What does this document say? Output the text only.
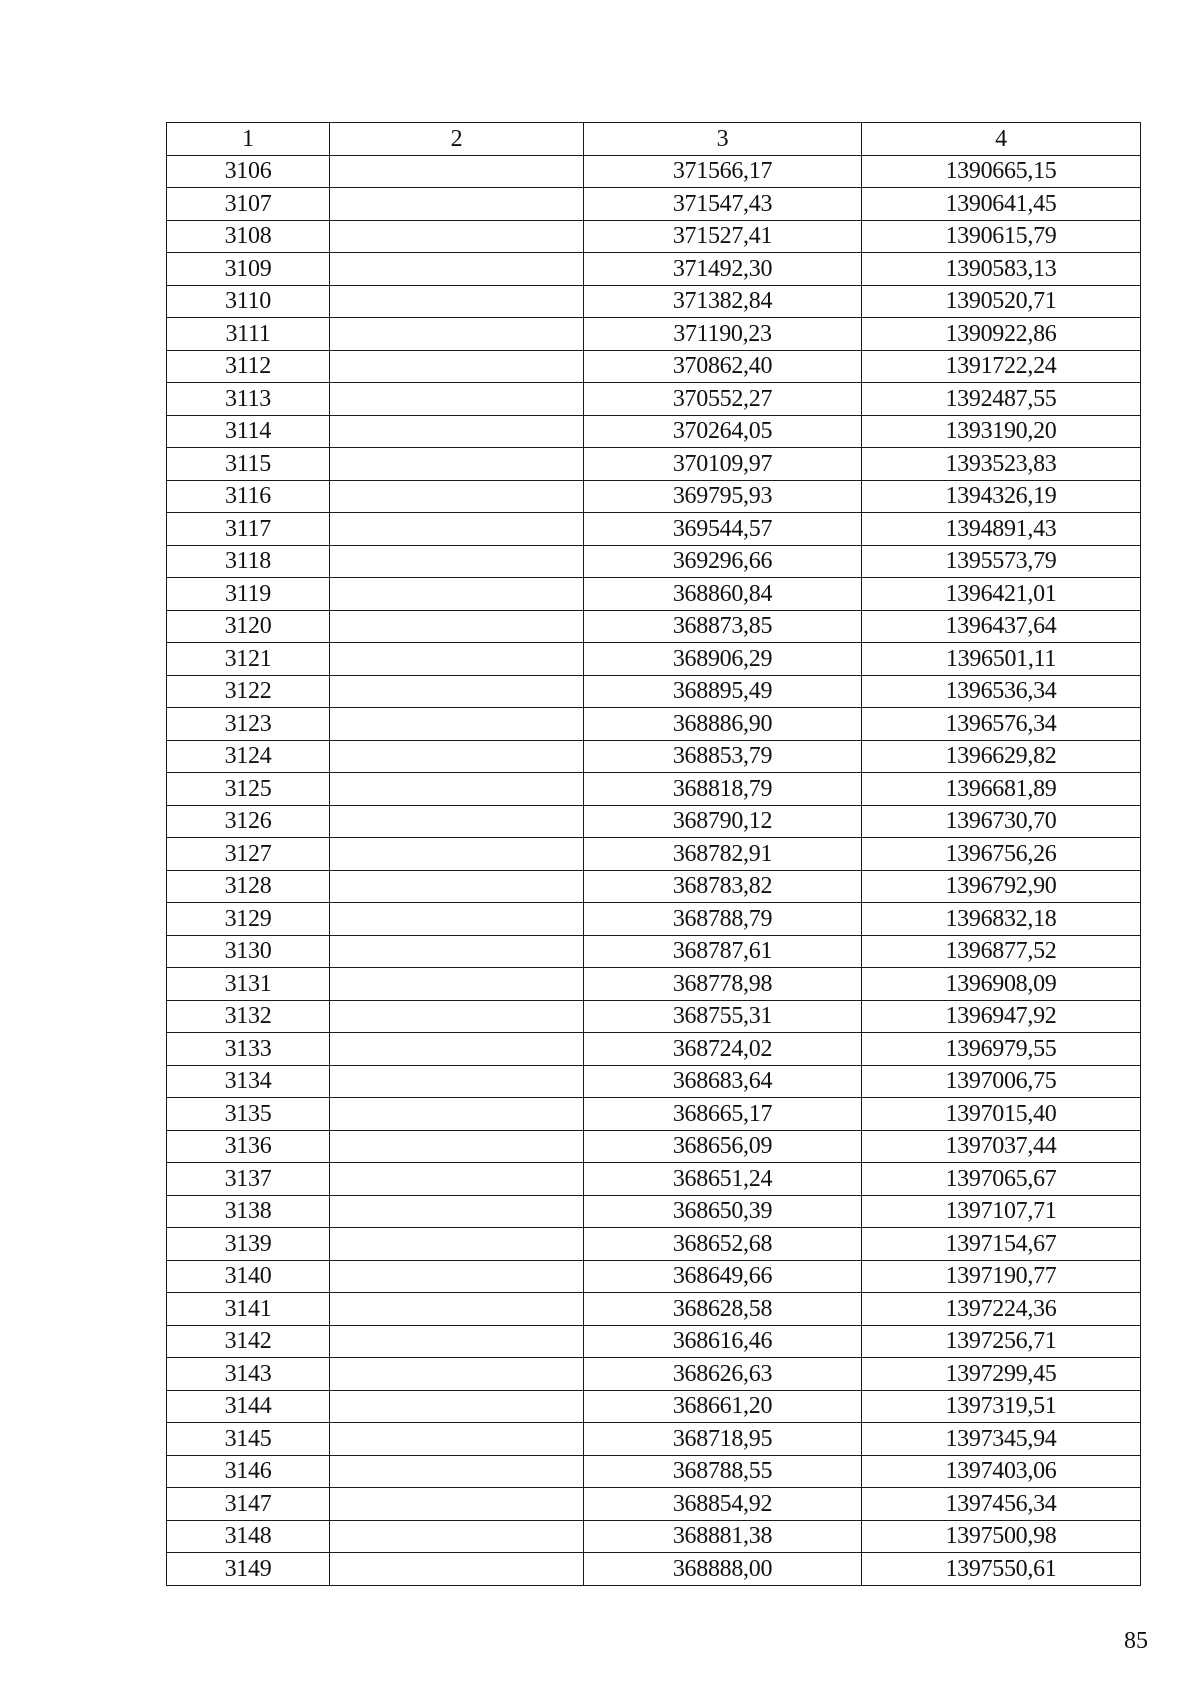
1	2	3	4
3106		371566,17	1390665,15
3107		371547,43	1390641,45
3108		371527,41	1390615,79
3109		371492,30	1390583,13
3110		371382,84	1390520,71
3111		371190,23	1390922,86
3112		370862,40	1391722,24
3113		370552,27	1392487,55
3114		370264,05	1393190,20
3115		370109,97	1393523,83
3116		369795,93	1394326,19
3117		369544,57	1394891,43
3118		369296,66	1395573,79
3119		368860,84	1396421,01
3120		368873,85	1396437,64
3121		368906,29	1396501,11
3122		368895,49	1396536,34
3123		368886,90	1396576,34
3124		368853,79	1396629,82
3125		368818,79	1396681,89
3126		368790,12	1396730,70
3127		368782,91	1396756,26
3128		368783,82	1396792,90
3129		368788,79	1396832,18
3130		368787,61	1396877,52
3131		368778,98	1396908,09
3132		368755,31	1396947,92
3133		368724,02	1396979,55
3134		368683,64	1397006,75
3135		368665,17	1397015,40
3136		368656,09	1397037,44
3137		368651,24	1397065,67
3138		368650,39	1397107,71
3139		368652,68	1397154,67
3140		368649,66	1397190,77
3141		368628,58	1397224,36
3142		368616,46	1397256,71
3143		368626,63	1397299,45
3144		368661,20	1397319,51
3145		368718,95	1397345,94
3146		368788,55	1397403,06
3147		368854,92	1397456,34
3148		368881,38	1397500,98
3149		368888,00	1397550,61
85
